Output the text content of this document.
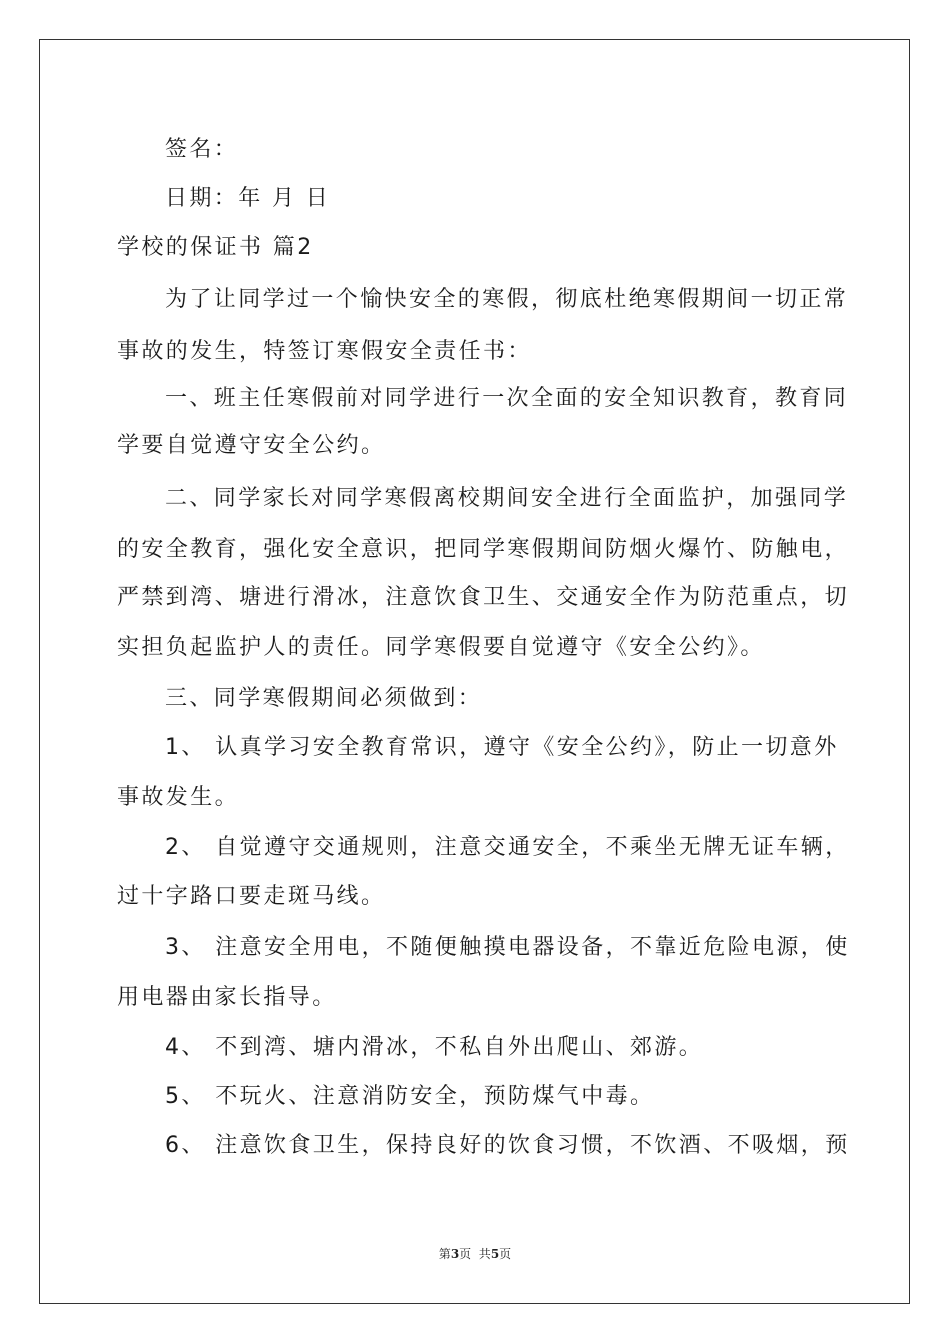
签名：
日期：年 月 日
学校的保证书 篇2
为了让同学过一个愉快安全的寒假，彻底杜绝寒假期间一切正常
事故的发生，特签订寒假安全责任书：
一、班主任寒假前对同学进行一次全面的安全知识教育，教育同
学要自觉遵守安全公约。
二、同学家长对同学寒假离校期间安全进行全面监护，加强同学
的安全教育，强化安全意识，把同学寒假期间防烟火爆竹、防触电，
严禁到湾、塘进行滑冰，注意饮食卫生、交通安全作为防范重点，切
实担负起监护人的责任。同学寒假要自觉遵守《安全公约》。
三、同学寒假期间必须做到：
1、 认真学习安全教育常识，遵守《安全公约》，防止一切意外
事故发生。
2、 自觉遵守交通规则，注意交通安全，不乘坐无牌无证车辆，
过十字路口要走斑马线。
3、 注意安全用电，不随便触摸电器设备，不靠近危险电源，使
用电器由家长指导。
4、 不到湾、塘内滑冰，不私自外出爬山、郊游。
5、 不玩火、注意消防安全，预防煤气中毒。
6、 注意饮食卫生，保持良好的饮食习惯，不饮酒、不吸烟，预
第3页  共5页
